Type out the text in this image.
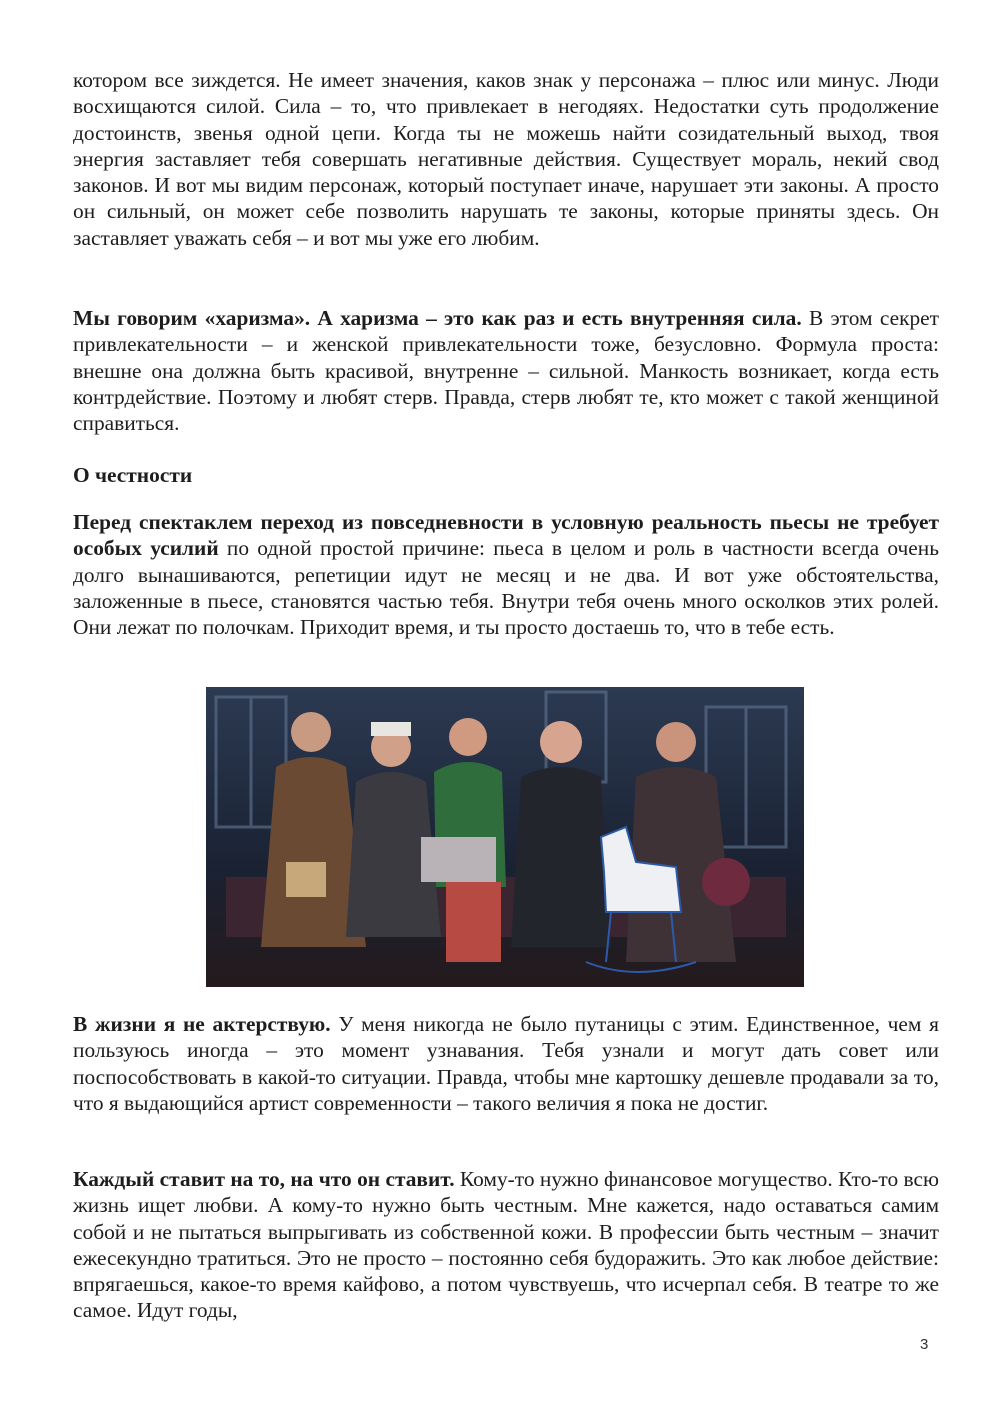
котором все зиждется. Не имеет значения, каков знак у персонажа – плюс или минус. Люди восхищаются силой. Сила – то, что привлекает в негодяях. Недостатки суть продолжение достоинств, звенья одной цепи. Когда ты не можешь найти созидательный выход, твоя энергия заставляет тебя совершать негативные действия. Существует мораль, некий свод законов. И вот мы видим персонаж, который поступает иначе, нарушает эти законы. А просто он сильный, он может себе позволить нарушать те законы, которые приняты здесь. Он заставляет уважать себя – и вот мы уже его любим.

Мы говорим «харизма». А харизма – это как раз и есть внутренняя сила. В этом секрет привлекательности – и женской привлекательности тоже, безусловно. Формула проста: внешне она должна быть красивой, внутренне – сильной. Манкость возникает, когда есть контрдействие. Поэтому и любят стерв. Правда, стерв любят те, кто может с такой женщиной справиться.

О честности

Перед спектаклем переход из повседневности в условную реальность пьесы не требует особых усилий по одной простой причине: пьеса в целом и роль в частности всегда очень долго вынашиваются, репетиции идут не месяц и не два. И вот уже обстоятельства, заложенные в пьесе, становятся частью тебя. Внутри тебя очень много осколков этих ролей. Они лежат по полочкам. Приходит время, и ты просто достаешь то, что в тебе есть.

В жизни я не актерствую. У меня никогда не было путаницы с этим. Единственное, чем я пользуюсь иногда – это момент узнавания. Тебя узнали и могут дать совет или поспособствовать в какой-то ситуации. Правда, чтобы мне картошку дешевле продавали за то, что я выдающийся артист современности – такого величия я пока не достиг.

Каждый ставит на то, на что он ставит. Кому-то нужно финансовое могущество. Кто-то всю жизнь ищет любви. А кому-то нужно быть честным. Мне кажется, надо оставаться самим собой и не пытаться выпрыгивать из собственной кожи. В профессии быть честным – значит ежесекундно тратиться. Это не просто – постоянно себя будоражить. Это как любое действие: впрягаешься, какое-то время кайфово, а потом чувствуешь, что исчерпал себя. В театре то же самое. Идут годы,

3
